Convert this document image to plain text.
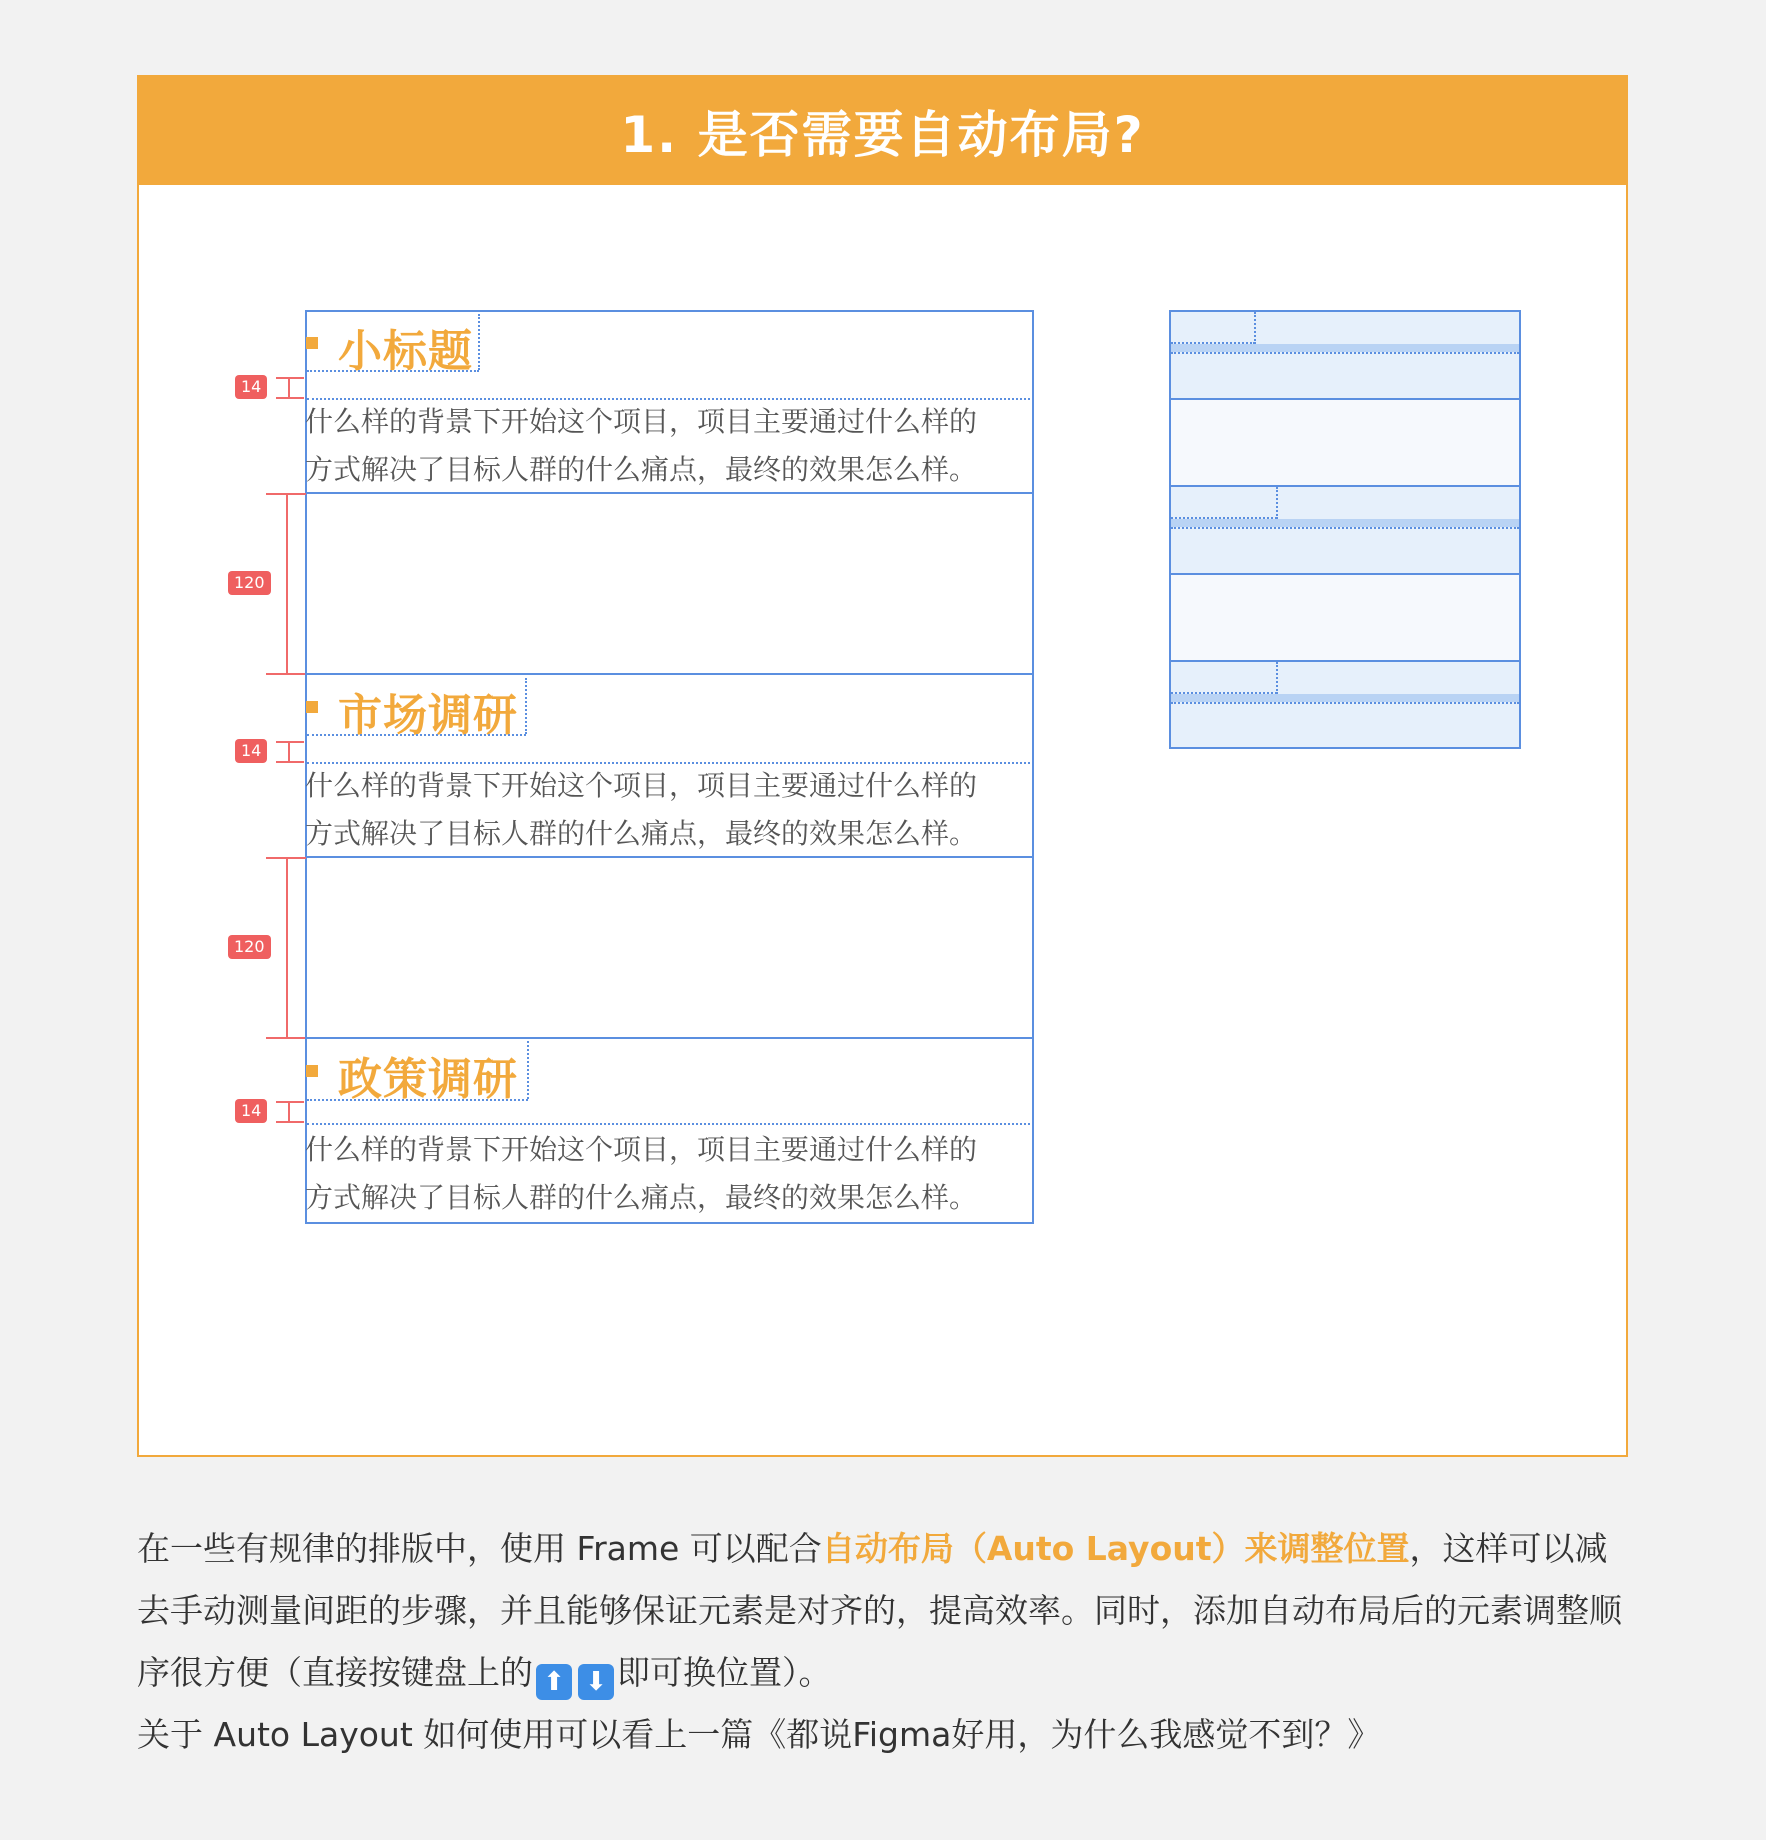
1. 是否需要自动布局?
小标题
什么样的背景下开始这个项目，项目主要通过什么样的
方式解决了目标人群的什么痛点，最终的效果怎么样。
14
120
市场调研
什么样的背景下开始这个项目，项目主要通过什么样的
方式解决了目标人群的什么痛点，最终的效果怎么样。
14
120
政策调研
什么样的背景下开始这个项目，项目主要通过什么样的
方式解决了目标人群的什么痛点，最终的效果怎么样。
14

在一些有规律的排版中，使用 Frame 可以配合自动布局（Auto Layout）来调整位置，这样可以减去手动测量间距的步骤，并且能够保证元素是对齐的，提高效率。同时，添加自动布局后的元素调整顺序很方便（直接按键盘上的 ⬆ ⬇ 即可换位置）。

关于 Auto Layout 如何使用可以看上一篇《都说Figma好用，为什么我感觉不到？》
